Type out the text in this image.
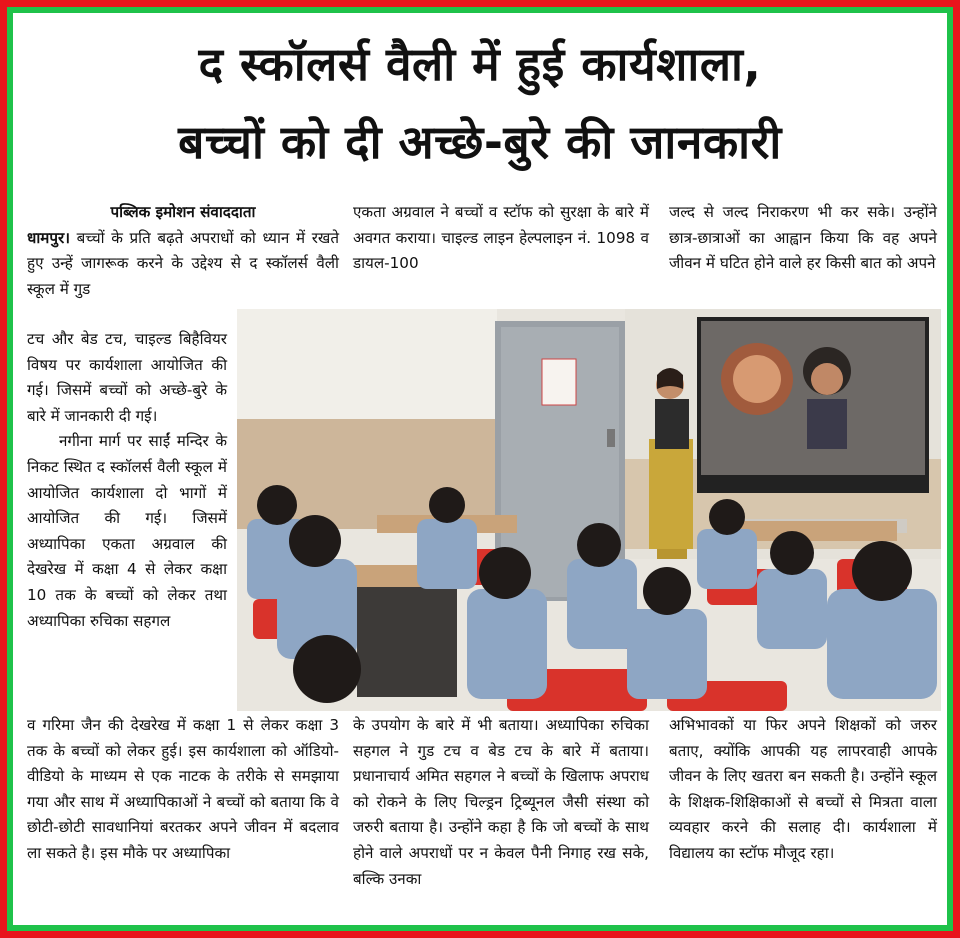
द स्कॉलर्स वैली में हुई कार्यशाला,
बच्चों को दी अच्छे-बुरे की जानकारी
पब्लिक इमोशन संवाददाता

धामपुर। बच्चों के प्रति बढ़ते अपराधों को ध्यान में रखते हुए उन्हें जागरूक करने के उद्देश्य से द स्कॉलर्स वैली स्कूल में गुड

टच और बेड टच, चाइल्ड बिहैवियर विषय पर कार्यशाला आयोजित की गई। जिसमें बच्चों को अच्छे-बुरे के बारे में जानकारी दी गई।

नगीना मार्ग पर साईं मन्दिर के निकट स्थित द स्कॉलर्स वैली स्कूल में आयोजित कार्यशाला दो भागों में आयोजित की गई। जिसमें अध्यापिका एकता अग्रवाल की देखरेख में कक्षा 4 से लेकर कक्षा 10 तक के बच्चों को लेकर तथा अध्यापिका रुचिका सहगल

एकता अग्रवाल ने बच्चों व स्टॉफ को सुरक्षा के बारे में अवगत कराया। चाइल्ड लाइन हेल्पलाइन नं. 1098 व डायल-100

जल्द से जल्द निराकरण भी कर सके। उन्होंने छात्र-छात्राओं का आह्वान किया कि वह अपने जीवन में घटित होने वाले हर किसी बात को अपने

व गरिमा जैन की देखरेख में कक्षा 1 से लेकर कक्षा 3 तक के बच्चों को लेकर हुई। इस कार्यशाला को ऑडियो-वीडियो के माध्यम से एक नाटक के तरीके से समझाया गया और साथ में अध्यापिकाओं ने बच्चों को बताया कि वे छोटी-छोटी सावधानियां बरतकर अपने जीवन में बदलाव ला सकते है। इस मौके पर अध्यापिका

के उपयोग के बारे में भी बताया। अध्यापिका रुचिका सहगल ने गुड टच व बेड टच के बारे में बताया। प्रधानाचार्य अमित सहगल ने बच्चों के खिलाफ अपराध को रोकने के लिए चिल्ड्रन ट्रिब्यूनल जैसी संस्था को जरुरी बताया है। उन्होंने कहा है कि जो बच्चों के साथ होने वाले अपराधों पर न केवल पैनी निगाह रख सके, बल्कि उनका

अभिभावकों या फिर अपने शिक्षकों को जरुर बताए, क्योंकि आपकी यह लापरवाही आपके जीवन के लिए खतरा बन सकती है। उन्होंने स्कूल के शिक्षक-शिक्षिकाओं से बच्चों से मित्रता वाला व्यवहार करने की सलाह दी। कार्यशाला में विद्यालय का स्टॉफ मौजूद रहा।
